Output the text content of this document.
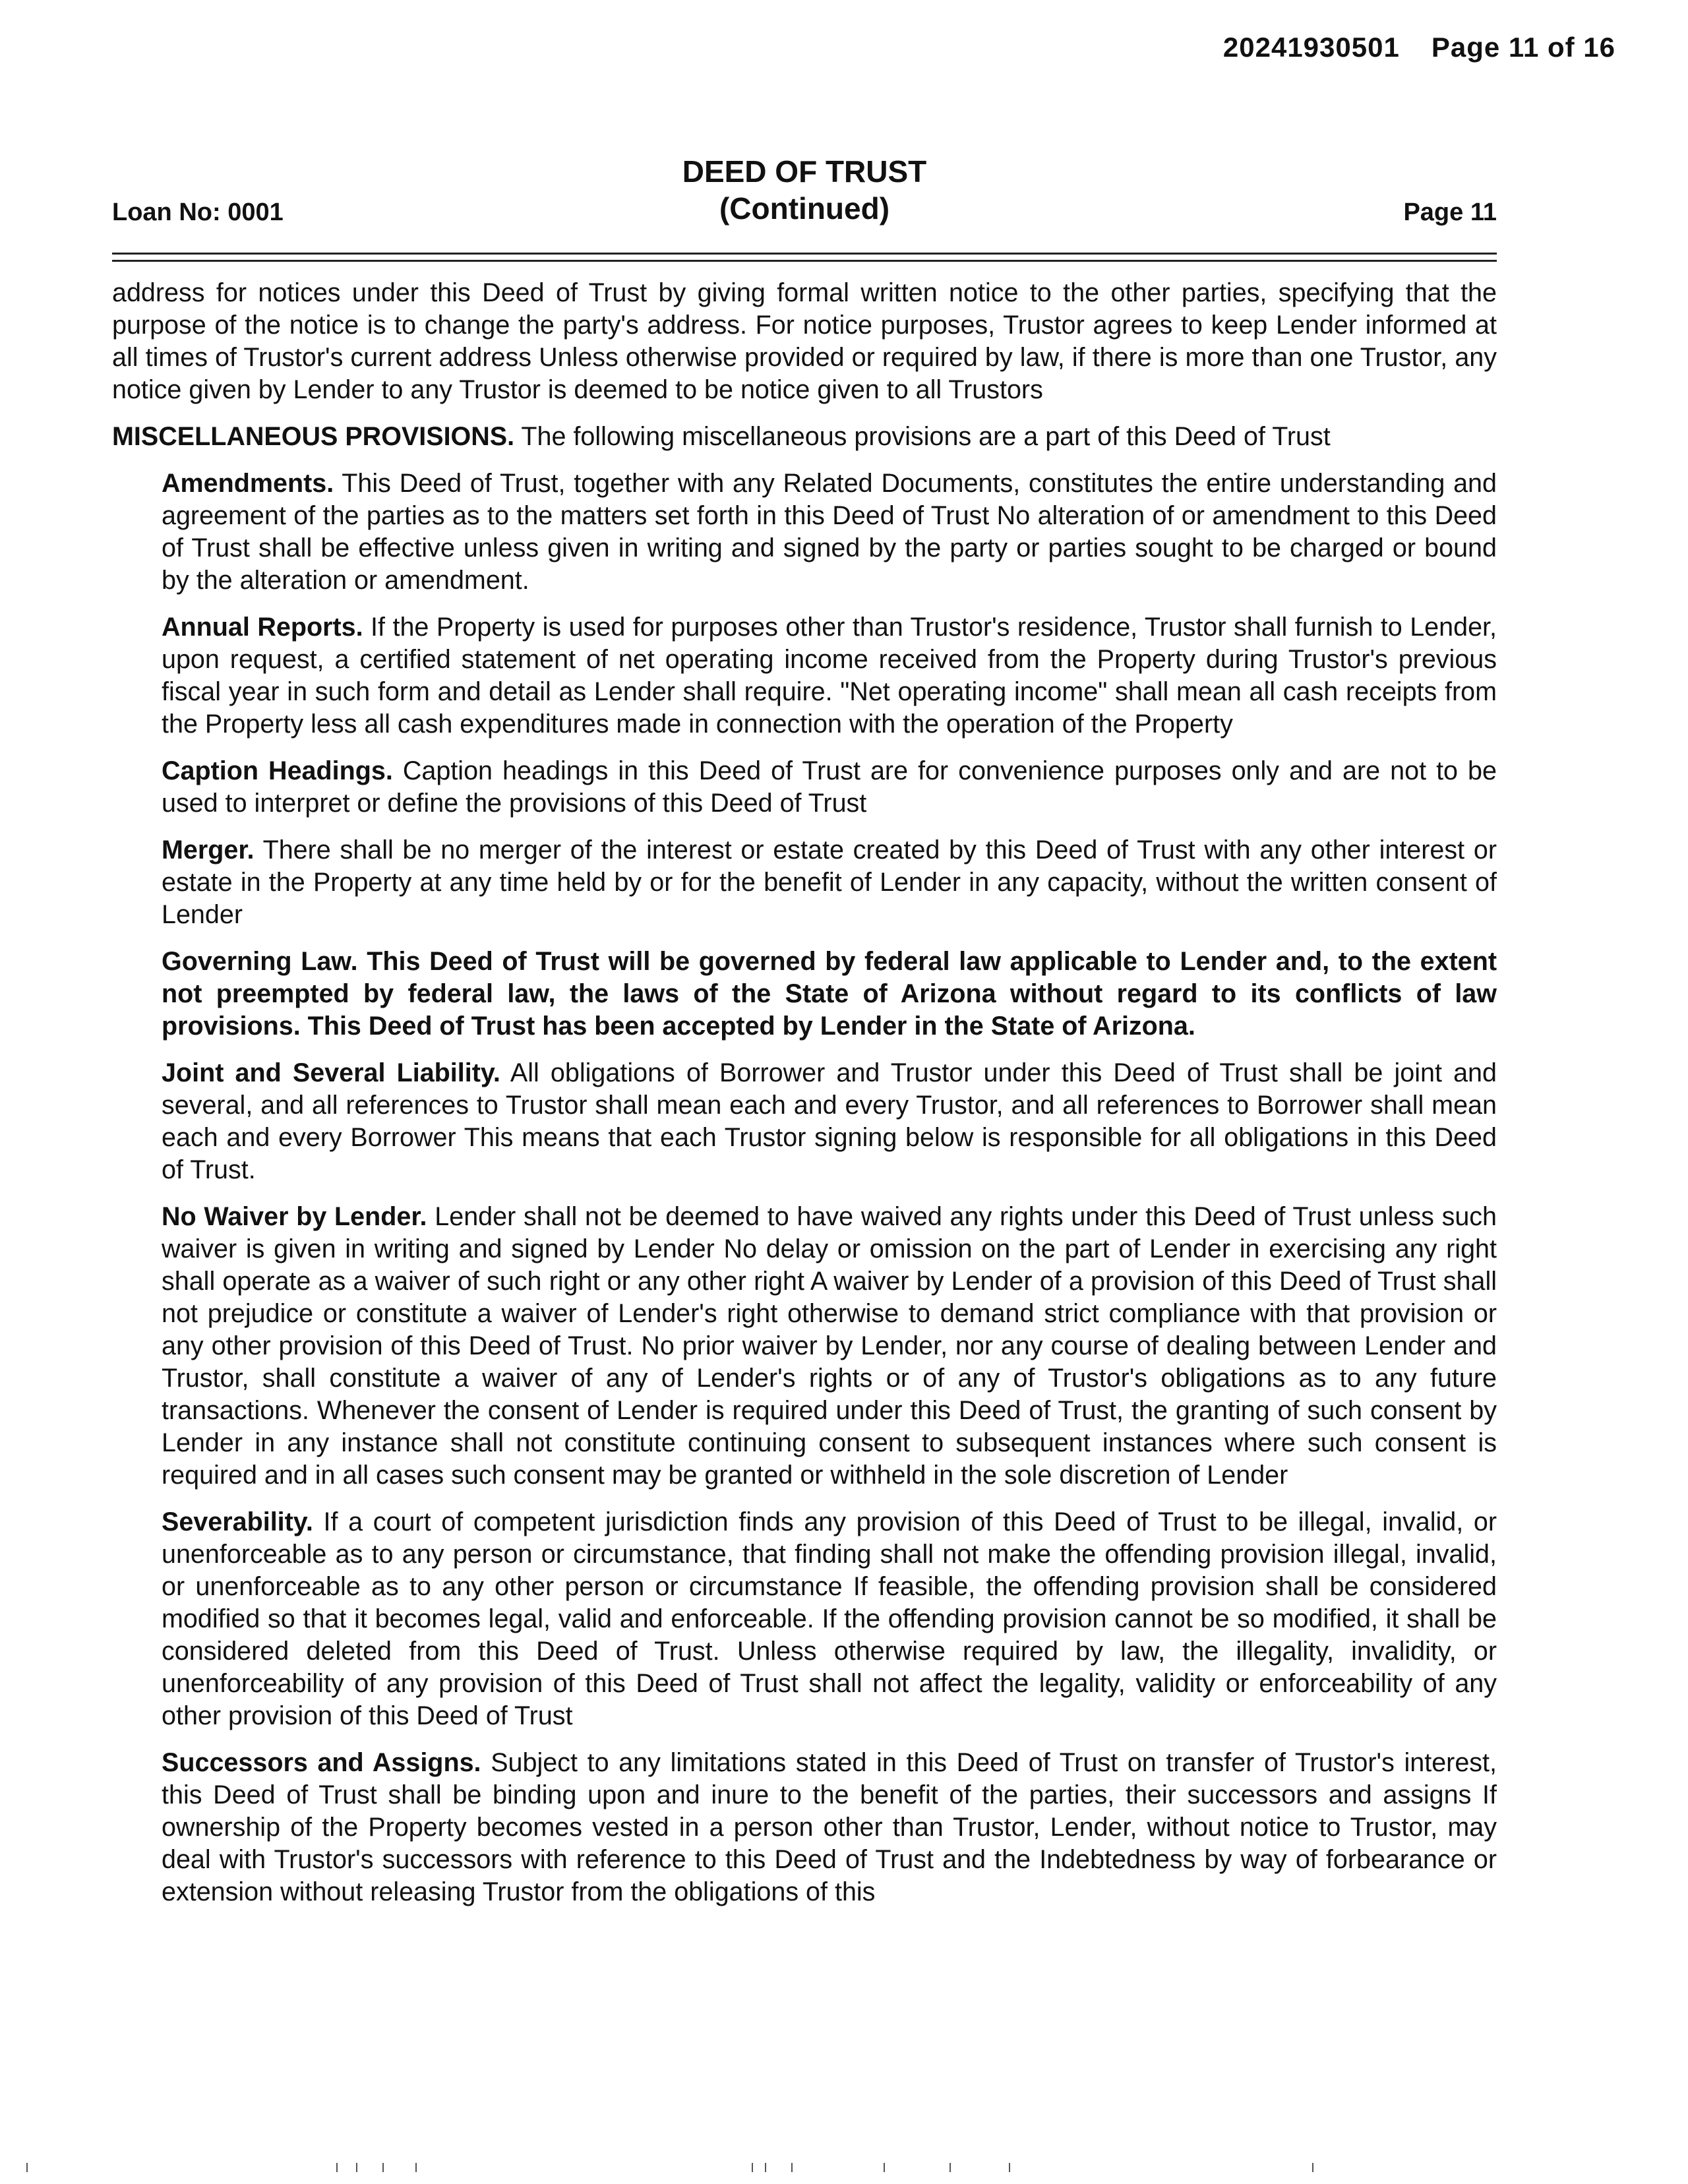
20241930501 Page 11 of 16
Loan No: 0001
DEED OF TRUST
(Continued)	Page 11

address for notices under this Deed of Trust by giving formal written notice to the other parties, specifying that the purpose of the notice is to change the party's address. For notice purposes, Trustor agrees to keep Lender informed at all times of Trustor's current address Unless otherwise provided or required by law, if there is more than one Trustor, any notice given by Lender to any Trustor is deemed to be notice given to all Trustors

MISCELLANEOUS PROVISIONS. The following miscellaneous provisions are a part of this Deed of Trust

Amendments. This Deed of Trust, together with any Related Documents, constitutes the entire understanding and agreement of the parties as to the matters set forth in this Deed of Trust No alteration of or amendment to this Deed of Trust shall be effective unless given in writing and signed by the party or parties sought to be charged or bound by the alteration or amendment.

Annual Reports. If the Property is used for purposes other than Trustor's residence, Trustor shall furnish to Lender, upon request, a certified statement of net operating income received from the Property during Trustor's previous fiscal year in such form and detail as Lender shall require. "Net operating income" shall mean all cash receipts from the Property less all cash expenditures made in connection with the operation of the Property

Caption Headings. Caption headings in this Deed of Trust are for convenience purposes only and are not to be used to interpret or define the provisions of this Deed of Trust

Merger. There shall be no merger of the interest or estate created by this Deed of Trust with any other interest or estate in the Property at any time held by or for the benefit of Lender in any capacity, without the written consent of Lender

Governing Law. This Deed of Trust will be governed by federal law applicable to Lender and, to the extent not preempted by federal law, the laws of the State of Arizona without regard to its conflicts of law provisions. This Deed of Trust has been accepted by Lender in the State of Arizona.

Joint and Several Liability. All obligations of Borrower and Trustor under this Deed of Trust shall be joint and several, and all references to Trustor shall mean each and every Trustor, and all references to Borrower shall mean each and every Borrower This means that each Trustor signing below is responsible for all obligations in this Deed of Trust.

No Waiver by Lender. Lender shall not be deemed to have waived any rights under this Deed of Trust unless such waiver is given in writing and signed by Lender No delay or omission on the part of Lender in exercising any right shall operate as a waiver of such right or any other right A waiver by Lender of a provision of this Deed of Trust shall not prejudice or constitute a waiver of Lender's right otherwise to demand strict compliance with that provision or any other provision of this Deed of Trust. No prior waiver by Lender, nor any course of dealing between Lender and Trustor, shall constitute a waiver of any of Lender's rights or of any of Trustor's obligations as to any future transactions. Whenever the consent of Lender is required under this Deed of Trust, the granting of such consent by Lender in any instance shall not constitute continuing consent to subsequent instances where such consent is required and in all cases such consent may be granted or withheld in the sole discretion of Lender

Severability. If a court of competent jurisdiction finds any provision of this Deed of Trust to be illegal, invalid, or unenforceable as to any person or circumstance, that finding shall not make the offending provision illegal, invalid, or unenforceable as to any other person or circumstance If feasible, the offending provision shall be considered modified so that it becomes legal, valid and enforceable. If the offending provision cannot be so modified, it shall be considered deleted from this Deed of Trust. Unless otherwise required by law, the illegality, invalidity, or unenforceability of any provision of this Deed of Trust shall not affect the legality, validity or enforceability of any other provision of this Deed of Trust

Successors and Assigns. Subject to any limitations stated in this Deed of Trust on transfer of Trustor's interest, this Deed of Trust shall be binding upon and inure to the benefit of the parties, their successors and assigns If ownership of the Property becomes vested in a person other than Trustor, Lender, without notice to Trustor, may deal with Trustor's successors with reference to this Deed of Trust and the Indebtedness by way of forbearance or extension without releasing Trustor from the obligations of this
